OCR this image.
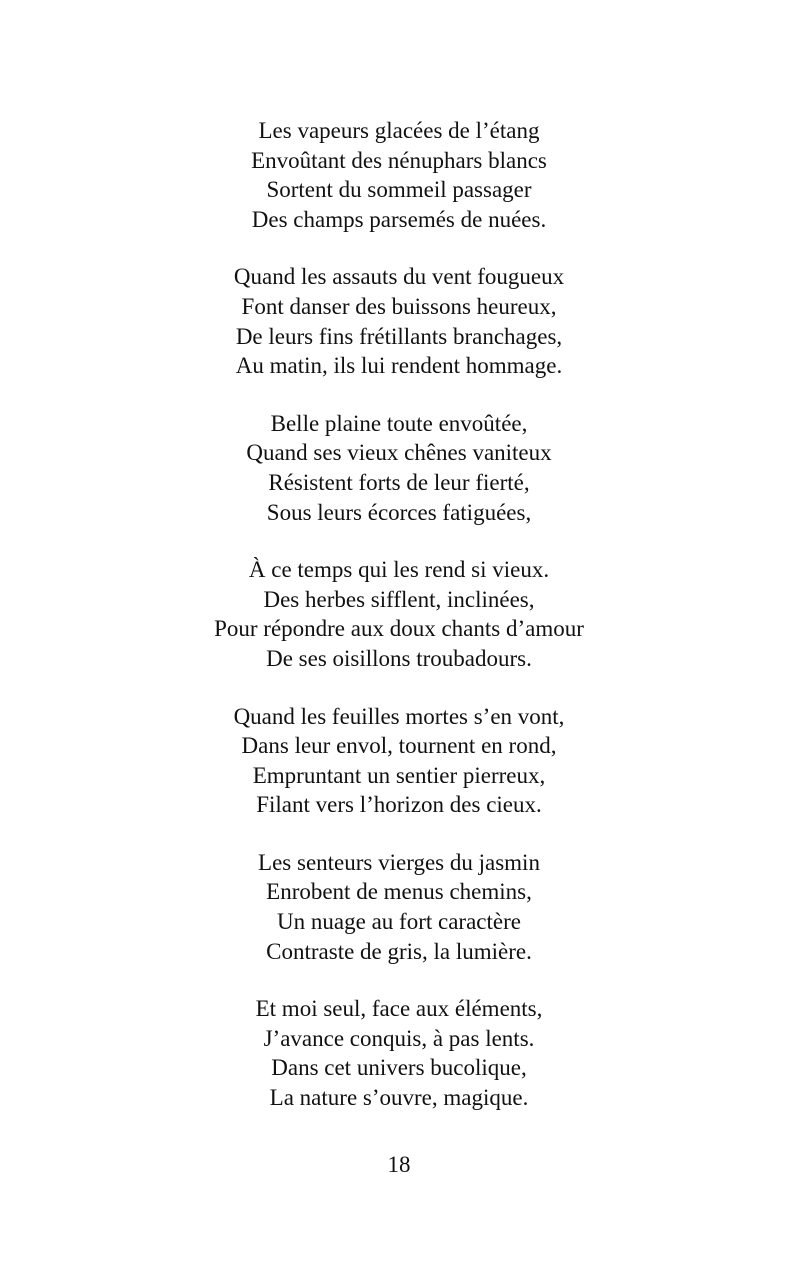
Les vapeurs glacées de l’étang
Envoûtant des nénuphars blancs
Sortent du sommeil passager
Des champs parsemés de nuées.
Quand les assauts du vent fougueux
Font danser des buissons heureux,
De leurs fins frétillants branchages,
Au matin, ils lui rendent hommage.
Belle plaine toute envoûtée,
Quand ses vieux chênes vaniteux
Résistent forts de leur fierté,
Sous leurs écorces fatiguées,
À ce temps qui les rend si vieux.
Des herbes sifflent, inclinées,
Pour répondre aux doux chants d’amour
De ses oisillons troubadours.
Quand les feuilles mortes s’en vont,
Dans leur envol, tournent en rond,
Empruntant un sentier pierreux,
Filant vers l’horizon des cieux.
Les senteurs vierges du jasmin
Enrobent de menus chemins,
Un nuage au fort caractère
Contraste de gris, la lumière.
Et moi seul, face aux éléments,
J’avance conquis, à pas lents.
Dans cet univers bucolique,
La nature s’ouvre, magique.
18
